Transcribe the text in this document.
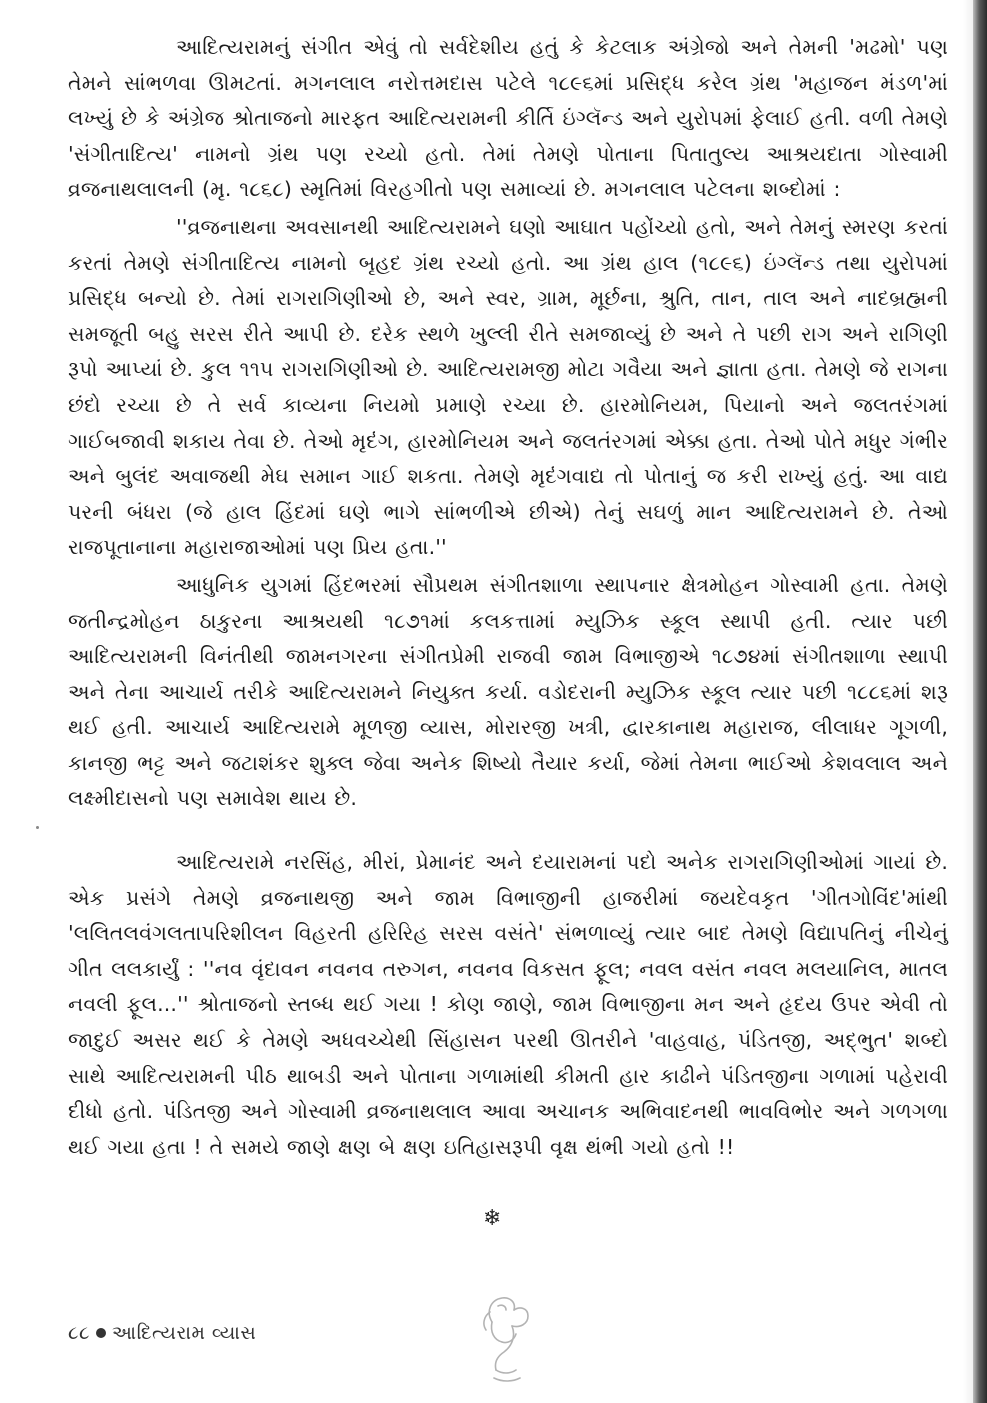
આદિત્યરામનું સંગીત એવું તો સર્વદેશીય હતું કે કેટલાક અંગ્રેજો અને તેમની 'મઢમો' પણ તેમને સાંભળવા ઊમટતાં. મગનલાલ નરોત્તમદાસ પટેલે ૧૮૯૬માં પ્રસિદ્ધ કરેલ ગ્રંથ 'મહાજન મંડળ'માં લખ્યું છે કે અંગ્રેજ શ્રોતાજનો મારફત આદિત્યરામની કીર્તિ ઇંગ્લૅન્ડ અને યુરોપમાં ફેલાઈ હતી. વળી તેમણે 'સંગીતાદિત્ય' નામનો ગ્રંથ પણ રચ્યો હતો. તેમાં તેમણે પોતાના પિતાતુલ્ય આશ્રયદાતા ગોસ્વામી વ્રજનાથલાલની (મૃ. ૧૮૬૮) સ્મૃતિમાં વિરહગીતો પણ સમાવ્યાં છે. મગનલાલ પટેલના શબ્દોમાં :

''વ્રજનાથના અવસાનથી આદિત્યરામને ઘણો આઘાત પહોંચ્યો હતો, અને તેમનું સ્મરણ કરતાં કરતાં તેમણે સંગીતાદિત્ય નામનો બૃહદ ગ્રંથ રચ્યો હતો. આ ગ્રંથ હાલ (૧૮૯૬) ઇંગ્લૅન્ડ તથા યુરોપમાં પ્રસિદ્ધ બન્યો છે. તેમાં રાગરાગિણીઓ છે, અને સ્વર, ગ્રામ, મૂર્છના, શ્રુતિ, તાન, તાલ અને નાદબ્રહ્મની સમજૂતી બહુ સરસ રીતે આપી છે. દરેક સ્થળે ખુલ્લી રીતે સમજાવ્યું છે અને તે પછી રાગ અને રાગિણી રૂપો આપ્યાં છે. કુલ ૧૧૫ રાગરાગિણીઓ છે. આદિત્યરામજી મોટા ગવૈયા અને જ્ઞાતા હતા. તેમણે જે રાગના છંદો રચ્યા છે તે સર્વ કાવ્યના નિયમો પ્રમાણે રચ્યા છે. હારમોનિયમ, પિયાનો અને જલતરંગમાં ગાઈબજાવી શકાય તેવા છે. તેઓ મૃદંગ, હારમોનિયમ અને જલતંરગમાં એક્કા હતા. તેઓ પોતે મધુર ગંભીર અને બુલંદ અવાજથી મેઘ સમાન ગાઈ શકતા. તેમણે મૃદંગવાદ્ય તો પોતાનું જ કરી રાખ્યું હતું. આ વાદ્ય પરની બંધરા (જે હાલ હિંદમાં ઘણે ભાગે સાંભળીએ છીએ) તેનું સઘળું માન આદિત્યરામને છે. તેઓ રાજપૂતાનાના મહારાજાઓમાં પણ પ્રિય હતા.''

આધુનિક યુગમાં હિંદભરમાં સૌપ્રથમ સંગીતશાળા સ્થાપનાર ક્ષેત્રમોહન ગોસ્વામી હતા. તેમણે જતીન્દ્રમોહન ઠાકુરના આશ્રયથી ૧૮૭૧માં કલકત્તામાં મ્યુઝિક સ્કૂલ સ્થાપી હતી. ત્યાર પછી આદિત્યરામની વિનંતીથી જામનગરના સંગીતપ્રેમી રાજવી જામ વિભાજીએ ૧૮૭૪માં સંગીતશાળા સ્થાપી અને તેના આચાર્ય તરીકે આદિત્યરામને નિયુક્ત કર્યા. વડોદરાની મ્યુઝિક સ્કૂલ ત્યાર પછી ૧૮૮૬માં શરૂ થઈ હતી. આચાર્ય આદિત્યરામે મૂળજી વ્યાસ, મોરારજી ખત્રી, દ્વારકાનાથ મહારાજ, લીલાધર ગૂગળી, કાનજી ભટ્ટ અને જટાશંકર શુક્લ જેવા અનેક શિષ્યો તૈયાર કર્યા, જેમાં તેમના ભાઈઓ કેશવલાલ અને લક્ષ્મીદાસનો પણ સમાવેશ થાય છે.

આદિત્યરામે નરસિંહ, મીરાં, પ્રેમાનંદ અને દયારામનાં પદો અનેક રાગરાગિણીઓમાં ગાયાં છે. એક પ્રસંગે તેમણે વ્રજનાથજી અને જામ વિભાજીની હાજરીમાં જયદેવકૃત 'ગીતગોવિંદ'માંથી 'લલિતલવંગલતાપરિશીલન વિહરતી હરિરિહ સરસ વસંતે' સંભળાવ્યું ત્યાર બાદ તેમણે વિદ્યાપતિનું નીચેનું ગીત લલકાર્યું : ''નવ વૃંદાવન નવનવ તરુગન, નવનવ વિકસત ફૂલ; નવલ વસંત નવલ મલયાનિલ, માતલ નવલી ફૂલ...'' શ્રોતાજનો સ્તબ્ધ થઈ ગયા ! કોણ જાણે, જામ વિભાજીના મન અને હૃદય ઉપર એવી તો જાદુઈ અસર થઈ કે તેમણે અધવચ્ચેથી સિંહાસન પરથી ઊતરીને 'વાહવાહ, પંડિતજી, અદ્ભુત' શબ્દો સાથે આદિત્યરામની પીઠ થાબડી અને પોતાના ગળામાંથી કીમતી હાર કાઢીને પંડિતજીના ગળામાં પહેરાવી દીધો હતો. પંડિતજી અને ગોસ્વામી વ્રજનાથલાલ આવા અચાનક અભિવાદનથી ભાવવિભોર અને ગળગળા થઈ ગયા હતા ! તે સમયે જાણે ક્ષણ બે ક્ષણ ઇતિહાસરૂપી વૃક્ષ થંભી ગયો હતો !!

❄
૮૮ આદિત્યરામ વ્યાસ
